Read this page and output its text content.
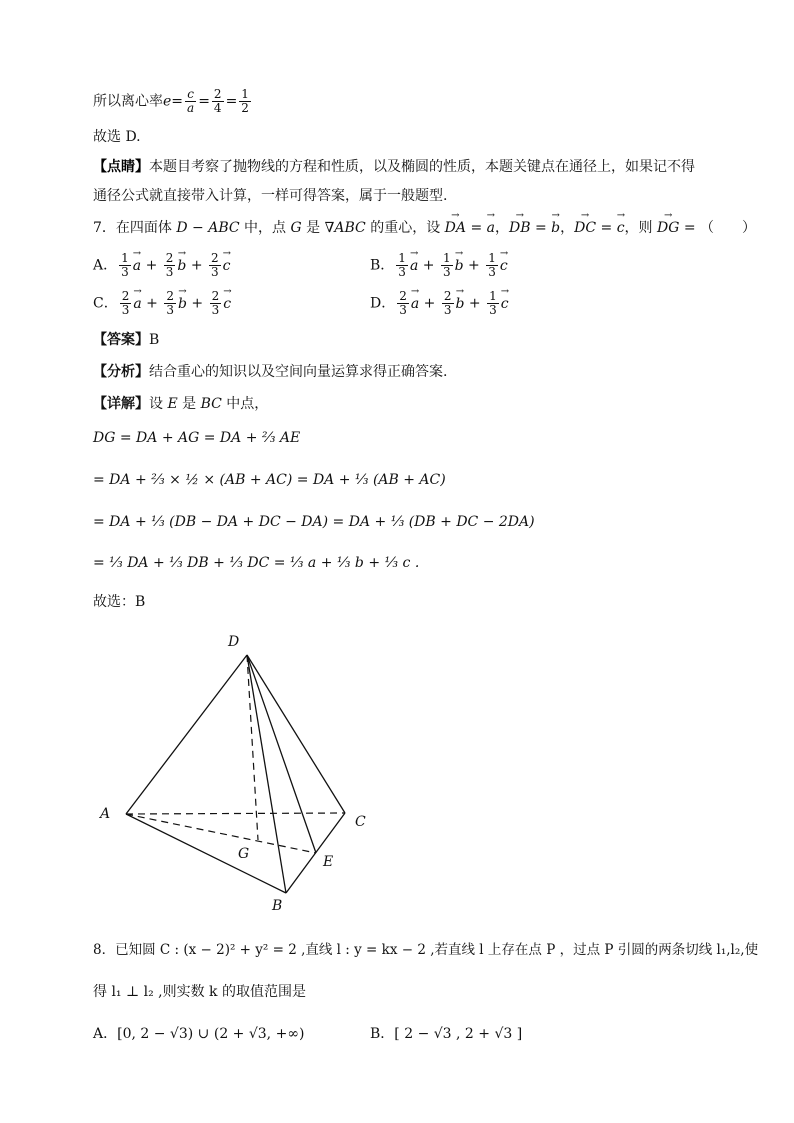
所以离心率$e= \frac{c}{a} = \frac{2}{4} = \frac{1}{2}$
故选 D.
【点睛】本题目考察了抛物线的方程和性质，以及椭圆的性质，本题关键点在通径上，如果记不得
通径公式就直接带入计算，一样可得答案，属于一般题型.
7．在四面体 D − ABC 中，点 G 是 ∇ABC 的重心，设 → DA = → a，→ DB = → b，→ DC = → c，则 → DG = （　　）
A． $\frac{1}{3}$
→ $a + \frac{2}{3}$
→ $b + \frac{2}{3}$
→ c	B． $\frac{1}{3}$
→ $a + \frac{1}{3}$
→ $b + \frac{1}{3}$
→ c
C． $\frac{2}{3}$
→ $a + \frac{2}{3}$
→ $b + \frac{2}{3}$
→ c	D． $\frac{2}{3}$
→ $a + \frac{2}{3}$
→ $b + \frac{1}{3}$
→ c
【答案】B
【分析】结合重心的知识以及空间向量运算求得正确答案.
【详解】设 E 是 BC 中点，
DG = DA + AG = DA + ⅔ AE
= DA + ⅔ × ½ × (AB + AC) = DA + ⅓ (AB + AC)
= DA + ⅓ (DB − DA + DC − DA) = DA + ⅓ (DB + DC − 2DA)
= ⅓ DA + ⅓ DB + ⅓ DC = ⅓ a + ⅓ b + ⅓ c .
故选：B
D
A	C
G	E
B
8．已知圆 C : (x − 2)² + y² = 2 ,直线 l : y = kx − 2 ,若直线 l 上存在点 P ，过点 P 引圆的两条切线 l₁,l₂,使
得 l₁ ⊥ l₂ ,则实数 k 的取值范围是
A．[0, 2 − √3) ∪ (2 + √3, +∞)	B．[ 2 − √3 , 2 + √3 ]
